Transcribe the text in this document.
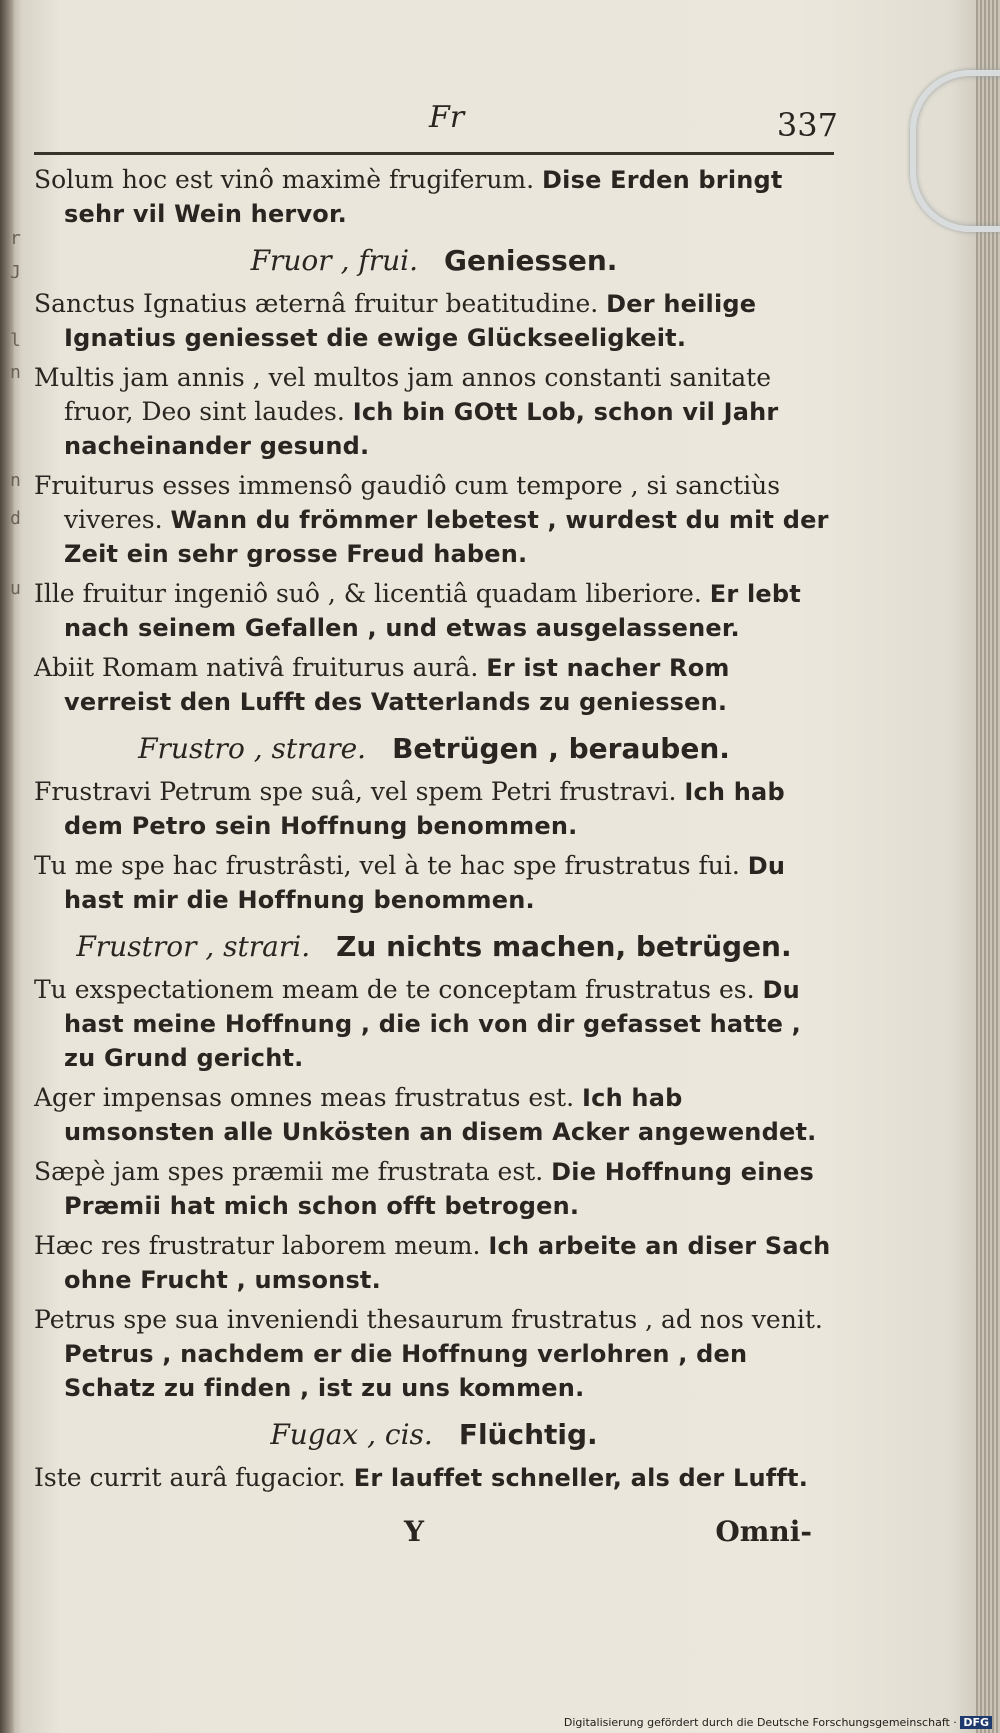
r
J
l
n
n
d
u
Fr	337
Solum hoc est vinô maximè frugiferum. Dise Erden bringt sehr vil Wein hervor.
Fruor , frui. Geniessen.
Sanctus Ignatius æternâ fruitur beatitudine. Der heilige Ignatius geniesset die ewige Glückseeligkeit.
Multis jam annis , vel multos jam annos constanti sanitate fruor, Deo sint laudes. Ich bin GOtt Lob, schon vil Jahr nacheinander gesund.
Fruiturus esses immensô gaudiô cum tempore , si sanctiùs viveres. Wann du frömmer lebetest , wurdest du mit der Zeit ein sehr grosse Freud haben.
Ille fruitur ingeniô suô , & licentiâ quadam liberiore. Er lebt nach seinem Gefallen , und etwas ausgelassener.
Abiit Romam nativâ fruiturus aurâ. Er ist nacher Rom verreist den Lufft des Vatterlands zu geniessen.
Frustro , strare. Betrügen , berauben.
Frustravi Petrum spe suâ, vel spem Petri frustravi. Ich hab dem Petro sein Hoffnung benommen.
Tu me spe hac frustrâsti, vel à te hac spe frustratus fui. Du hast mir die Hoffnung benommen.
Frustror , strari. Zu nichts machen, betrügen.
Tu exspectationem meam de te conceptam frustratus es. Du hast meine Hoffnung , die ich von dir gefasset hatte , zu Grund gericht.
Ager impensas omnes meas frustratus est. Ich hab umsonsten alle Unkösten an disem Acker angewendet.
Sæpè jam spes præmii me frustrata est. Die Hoffnung eines Præmii hat mich schon offt betrogen.
Hæc res frustratur laborem meum. Ich arbeite an diser Sach ohne Frucht , umsonst.
Petrus spe sua inveniendi thesaurum frustratus , ad nos venit. Petrus , nachdem er die Hoffnung verlohren , den Schatz zu finden , ist zu uns kommen.
Fugax , cis. Flüchtig.
Iste currit aurâ fugacior. Er lauffet schneller, als der Lufft.
Y	Omni-
Digitalisierung gefördert durch die Deutsche Forschungsgemeinschaft · DFG
